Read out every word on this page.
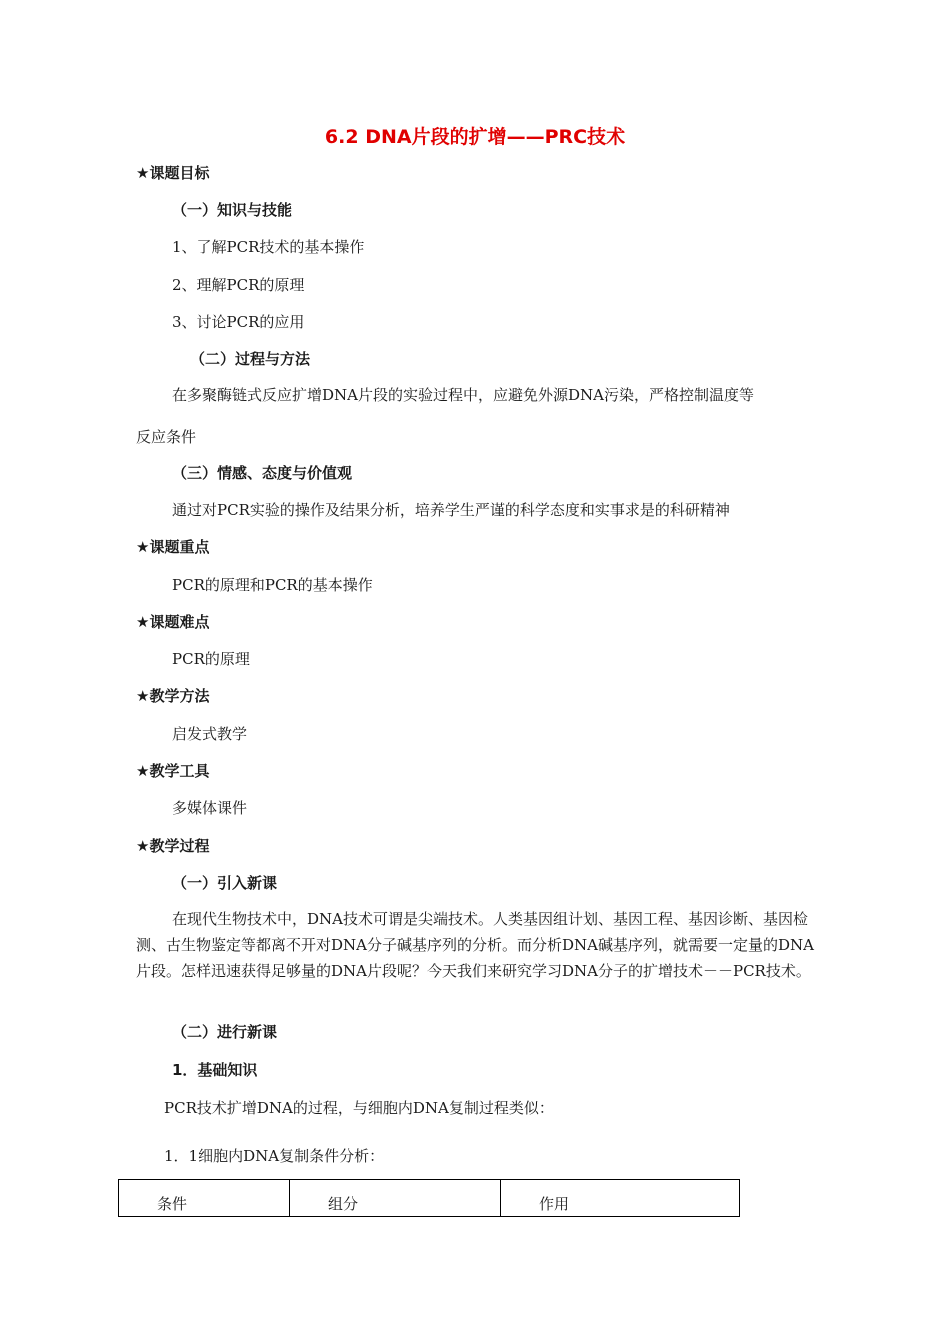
6.2 DNA片段的扩增——PRC技术
★课题目标
（一）知识与技能
1、了解PCR技术的基本操作
2、理解PCR的原理
3、讨论PCR的应用
（二）过程与方法
在多聚酶链式反应扩增DNA片段的实验过程中，应避免外源DNA污染，严格控制温度等
反应条件
（三）情感、态度与价值观
通过对PCR实验的操作及结果分析，培养学生严谨的科学态度和实事求是的科研精神
★课题重点
PCR的原理和PCR的基本操作
★课题难点
PCR的原理
★教学方法
启发式教学
★教学工具
多媒体课件
★教学过程
（一）引入新课
在现代生物技术中，DNA技术可谓是尖端技术。人类基因组计划、基因工程、基因诊断、基因检测、古生物鉴定等都离不开对DNA分子碱基序列的分析。而分析DNA碱基序列，就需要一定量的DNA片段。怎样迅速获得足够量的DNA片段呢？今天我们来研究学习DNA分子的扩增技术－－PCR技术。
（二）进行新课
1．基础知识
PCR技术扩增DNA的过程，与细胞内DNA复制过程类似：
1．1细胞内DNA复制条件分析：
条件	组分	作用
